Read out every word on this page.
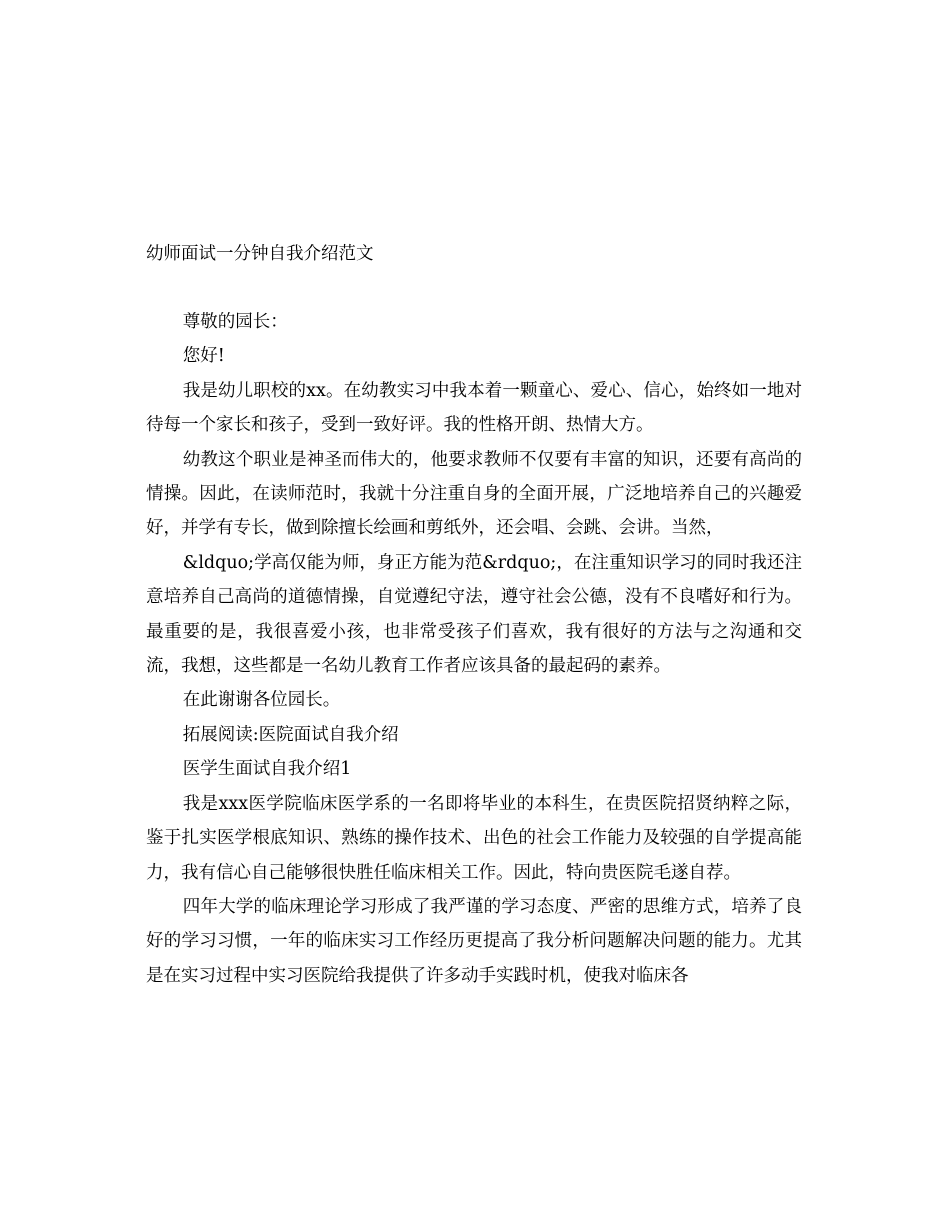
幼师面试一分钟自我介绍范文

尊敬的园长：

您好!

我是幼儿职校的xx。在幼教实习中我本着一颗童心、爱心、信心，始终如一地对待每一个家长和孩子，受到一致好评。我的性格开朗、热情大方。

幼教这个职业是神圣而伟大的，他要求教师不仅要有丰富的知识，还要有高尚的情操。因此，在读师范时，我就十分注重自身的全面开展，广泛地培养自己的兴趣爱好，并学有专长，做到除擅长绘画和剪纸外，还会唱、会跳、会讲。当然，

&ldquo;学高仅能为师，身正方能为范&rdquo;，在注重知识学习的同时我还注意培养自己高尚的道德情操，自觉遵纪守法，遵守社会公德，没有不良嗜好和行为。最重要的是，我很喜爱小孩，也非常受孩子们喜欢，我有很好的方法与之沟通和交流，我想，这些都是一名幼儿教育工作者应该具备的最起码的素养。

在此谢谢各位园长。

拓展阅读:医院面试自我介绍

医学生面试自我介绍1

我是xxx医学院临床医学系的一名即将毕业的本科生，在贵医院招贤纳粹之际，鉴于扎实医学根底知识、熟练的操作技术、出色的社会工作能力及较强的自学提高能力，我有信心自己能够很快胜任临床相关工作。因此，特向贵医院毛遂自荐。

四年大学的临床理论学习形成了我严谨的学习态度、严密的思维方式，培养了良好的学习习惯，一年的临床实习工作经历更提高了我分析问题解决问题的能力。尤其是在实习过程中实习医院给我提供了许多动手实践时机，使我对临床各
